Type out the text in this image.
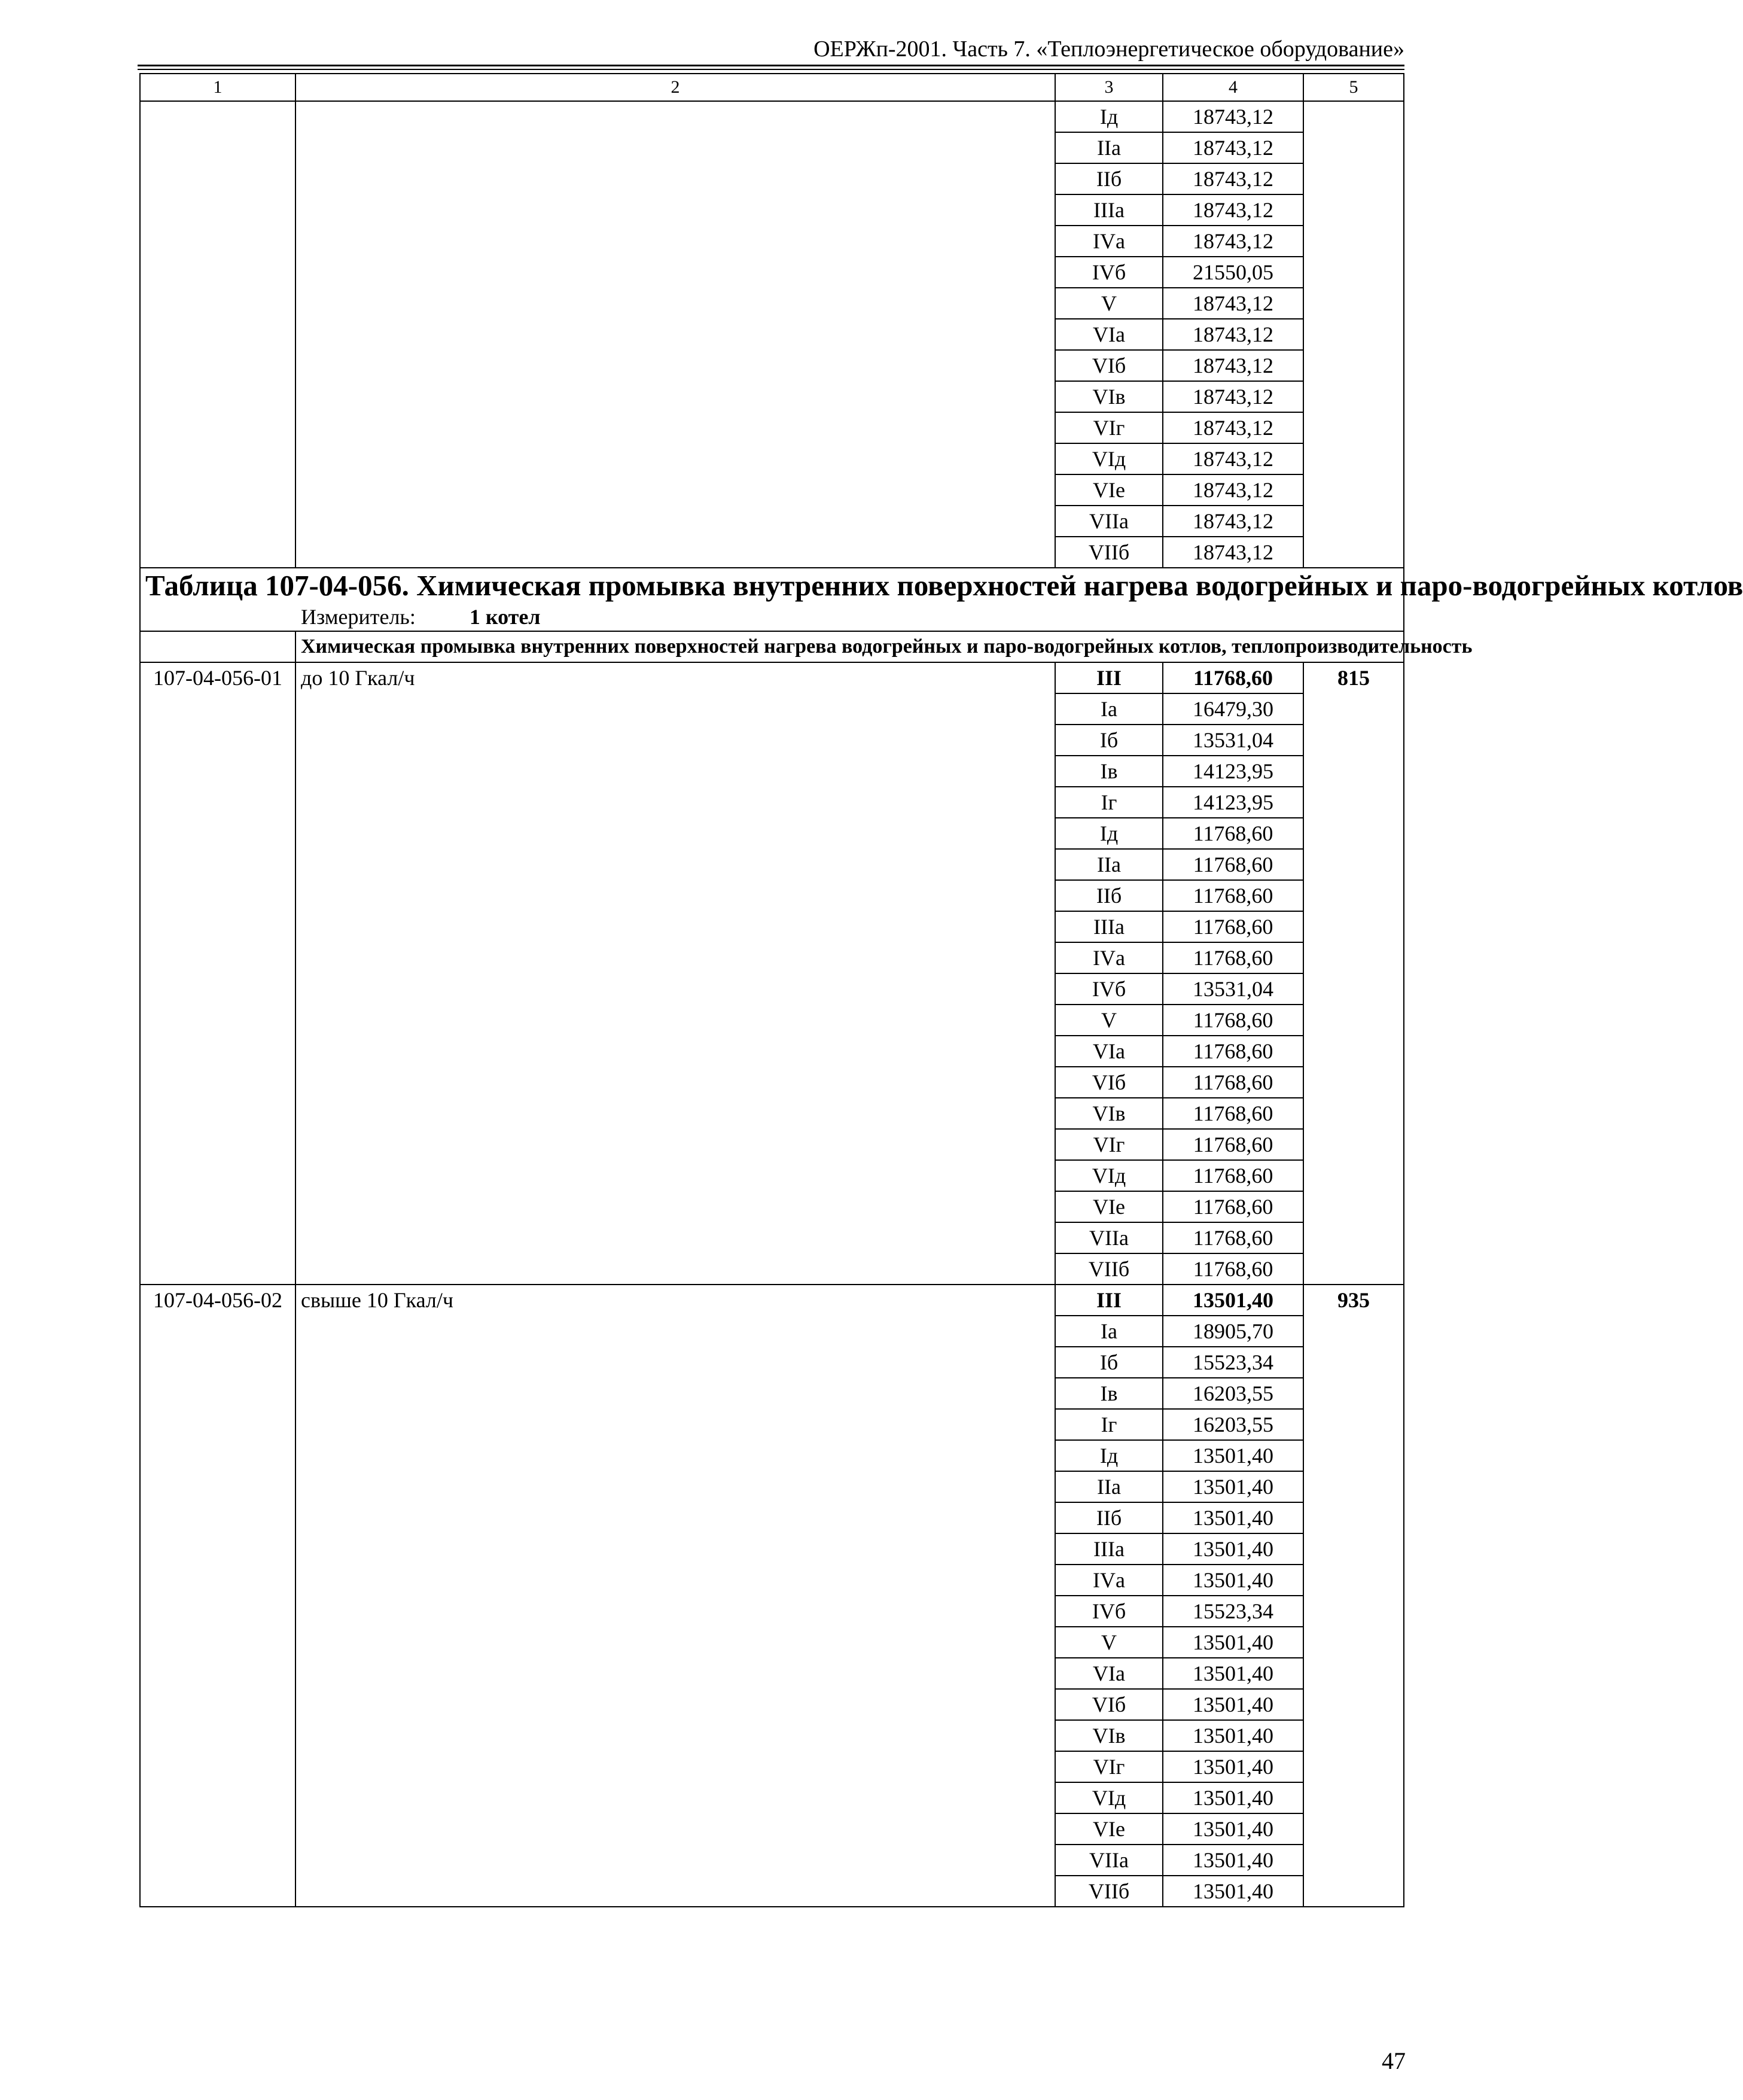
ОЕРЖп-2001. Часть 7. «Теплоэнергетическое оборудование»
1	2	3	4	5
		Iд	18743,12	
		IIа	18743,12	
		IIб	18743,12	
		IIIа	18743,12	
		IVа	18743,12	
		IVб	21550,05	
		V	18743,12	
		VIа	18743,12	
		VIб	18743,12	
		VIв	18743,12	
		VIг	18743,12	
		VIд	18743,12	
		VIе	18743,12	
		VIIа	18743,12	
		VIIб	18743,12	

Таблица 107-04-056. Химическая промывка внутренних поверхностей нагрева водогрейных и паро-водогрейных котлов
Измеритель: 1 котел				

	Химическая промывка внутренних поверхностей нагрева водогрейных и паро-водогрейных котлов, теплопроизводительность			
107-04-056-01	до 10 Гкал/ч	III	11768,60	815
		Iа	16479,30	
		Iб	13531,04	
		Iв	14123,95	
		Iг	14123,95	
		Iд	11768,60	
		IIа	11768,60	
		IIб	11768,60	
		IIIа	11768,60	
		IVа	11768,60	
		IVб	13531,04	
		V	11768,60	
		VIа	11768,60	
		VIб	11768,60	
		VIв	11768,60	
		VIг	11768,60	
		VIд	11768,60	
		VIе	11768,60	
		VIIа	11768,60	
		VIIб	11768,60	
107-04-056-02	свыше 10 Гкал/ч	III	13501,40	935
		Iа	18905,70	
		Iб	15523,34	
		Iв	16203,55	
		Iг	16203,55	
		Iд	13501,40	
		IIа	13501,40	
		IIб	13501,40	
		IIIа	13501,40	
		IVа	13501,40	
		IVб	15523,34	
		V	13501,40	
		VIа	13501,40	
		VIб	13501,40	
		VIв	13501,40	
		VIг	13501,40	
		VIд	13501,40	
		VIе	13501,40	
		VIIа	13501,40	
		VIIб	13501,40	
47
